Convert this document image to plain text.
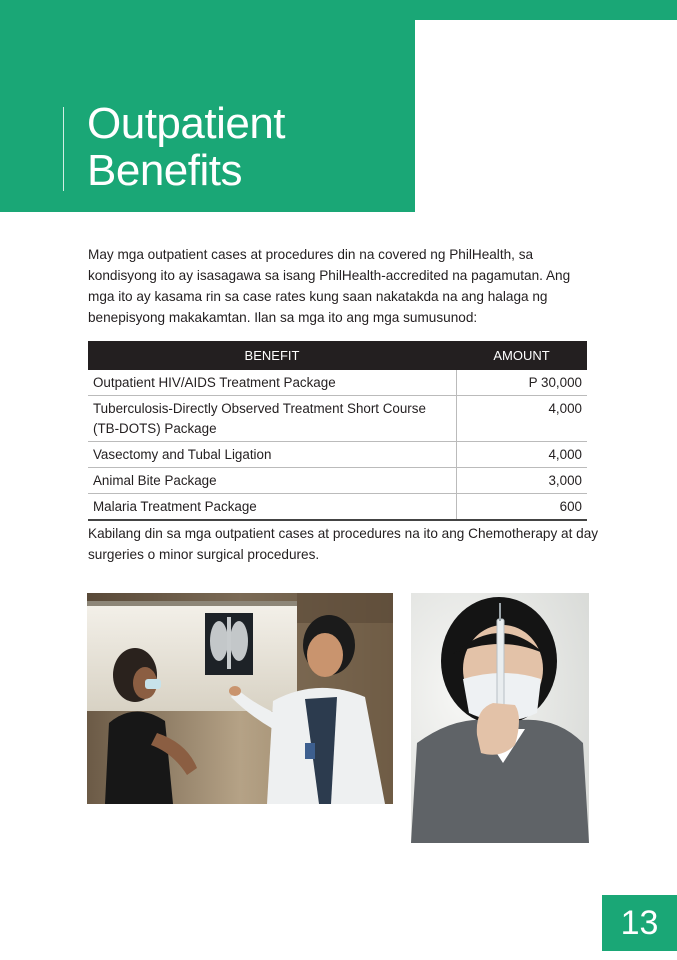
Outpatient
Benefits

May mga outpatient cases at procedures din na covered ng PhilHealth, sa kondisyong ito ay isasagawa sa isang PhilHealth-accredited na pagamutan. Ang mga ito ay kasama rin sa case rates kung saan nakatakda na ang halaga ng benepisyong makakamtan. Ilan sa mga ito ang mga sumusunod:

BENEFIT	AMOUNT
Outpatient HIV/AIDS Treatment Package	P 30,000
Tuberculosis-Directly Observed Treatment Short Course (TB-DOTS) Package	4,000
Vasectomy and Tubal Ligation	4,000
Animal Bite Package	3,000
Malaria Treatment Package	600

Kabilang din sa mga outpatient cases at procedures na ito ang Chemotherapy at day surgeries o minor surgical procedures.

13
